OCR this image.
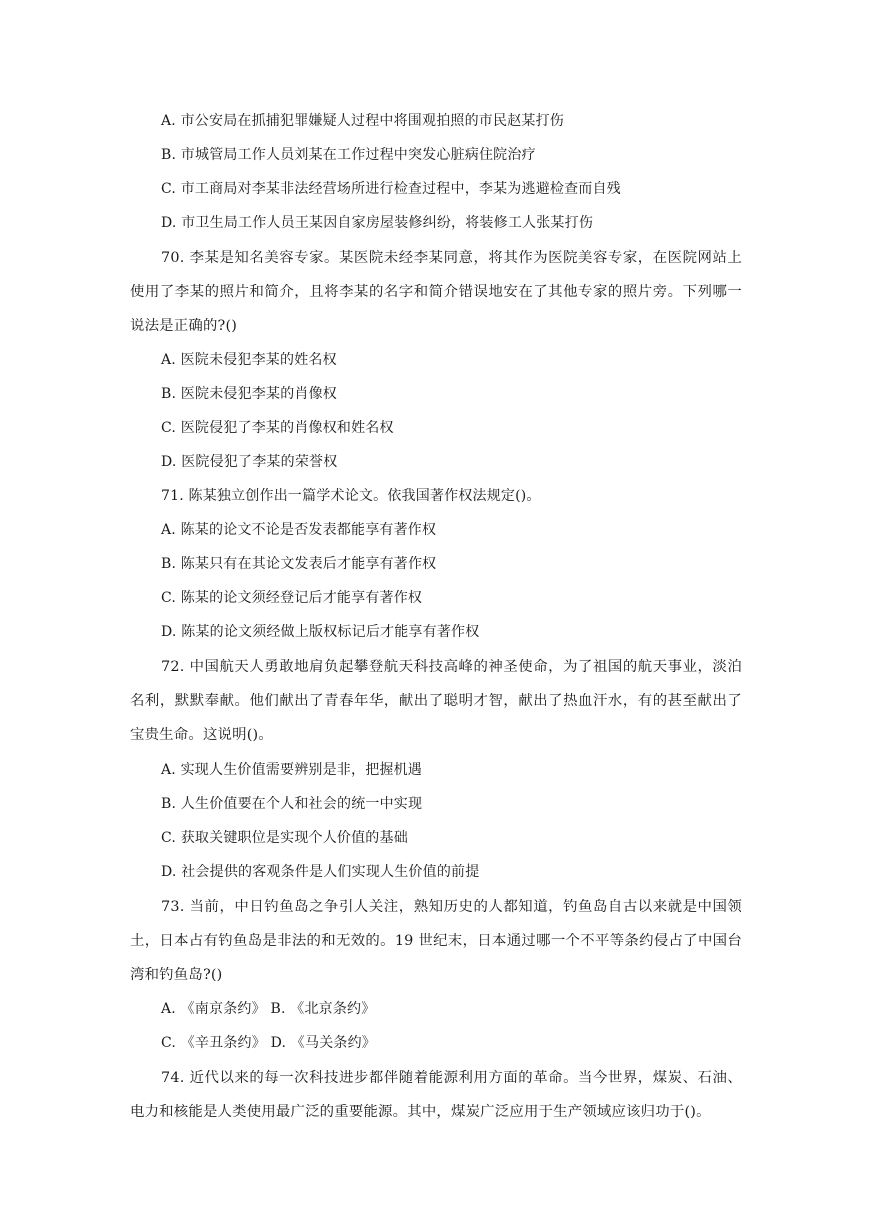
A. 市公安局在抓捕犯罪嫌疑人过程中将围观拍照的市民赵某打伤
B. 市城管局工作人员刘某在工作过程中突发心脏病住院治疗
C. 市工商局对李某非法经营场所进行检查过程中，李某为逃避检查而自残
D. 市卫生局工作人员王某因自家房屋装修纠纷，将装修工人张某打伤
70. 李某是知名美容专家。某医院未经李某同意，将其作为医院美容专家，在医院网站上使用了李某的照片和简介，且将李某的名字和简介错误地安在了其他专家的照片旁。下列哪一说法是正确的?()
A. 医院未侵犯李某的姓名权
B. 医院未侵犯李某的肖像权
C. 医院侵犯了李某的肖像权和姓名权
D. 医院侵犯了李某的荣誉权
71. 陈某独立创作出一篇学术论文。依我国著作权法规定()。
A. 陈某的论文不论是否发表都能享有著作权
B. 陈某只有在其论文发表后才能享有著作权
C. 陈某的论文须经登记后才能享有著作权
D. 陈某的论文须经做上版权标记后才能享有著作权
72. 中国航天人勇敢地肩负起攀登航天科技高峰的神圣使命，为了祖国的航天事业，淡泊名利，默默奉献。他们献出了青春年华，献出了聪明才智，献出了热血汗水，有的甚至献出了宝贵生命。这说明()。
A. 实现人生价值需要辨别是非，把握机遇
B. 人生价值要在个人和社会的统一中实现
C. 获取关键职位是实现个人价值的基础
D. 社会提供的客观条件是人们实现人生价值的前提
73. 当前，中日钓鱼岛之争引人关注，熟知历史的人都知道，钓鱼岛自古以来就是中国领土，日本占有钓鱼岛是非法的和无效的。19 世纪末，日本通过哪一个不平等条约侵占了中国台湾和钓鱼岛?()
A. 《南京条约》 B. 《北京条约》
C. 《辛丑条约》 D. 《马关条约》
74. 近代以来的每一次科技进步都伴随着能源利用方面的革命。当今世界，煤炭、石油、电力和核能是人类使用最广泛的重要能源。其中，煤炭广泛应用于生产领域应该归功于()。
